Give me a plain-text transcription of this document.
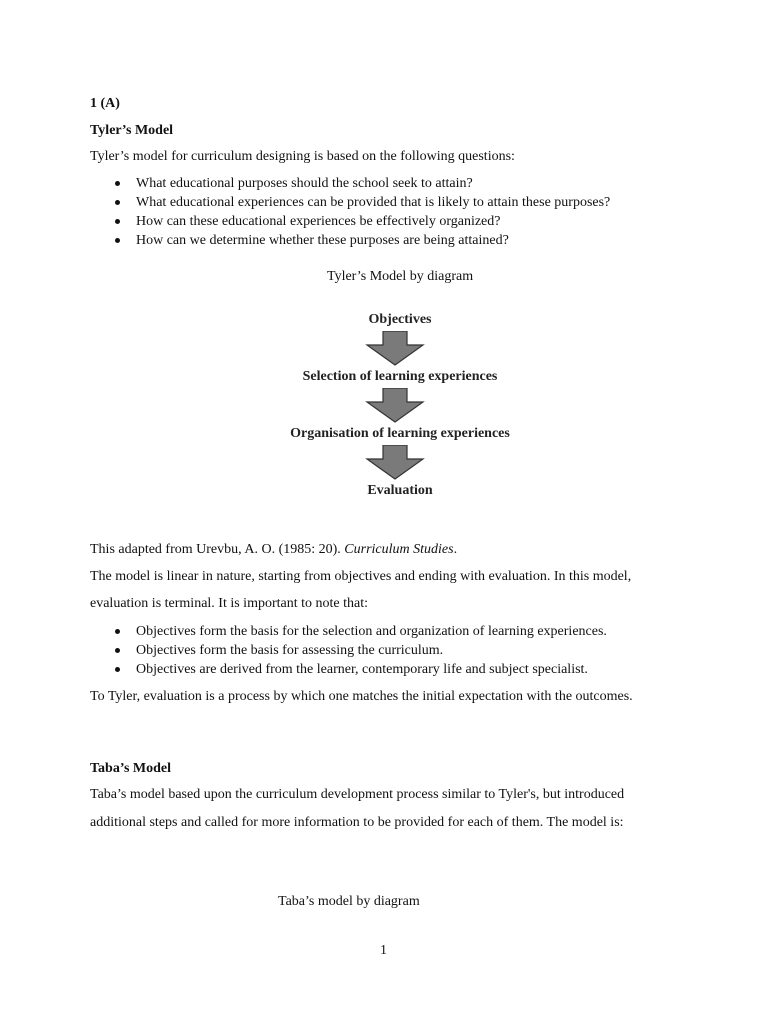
1 (A)
Tyler’s Model
Tyler’s model for curriculum designing is based on the following questions:
What educational purposes should the school seek to attain?
What educational experiences can be provided that is likely to attain these purposes?
How can these educational experiences be effectively organized?
How can we determine whether these purposes are being attained?
Tyler’s Model by diagram
Objectives
Selection of learning experiences
Organisation of learning experiences
Evaluation
This adapted from Urevbu, A. O. (1985: 20). Curriculum Studies.
The model is linear in nature, starting from objectives and ending with evaluation. In this model,
evaluation is terminal. It is important to note that:
Objectives form the basis for the selection and organization of learning experiences.
Objectives form the basis for assessing the curriculum.
Objectives are derived from the learner, contemporary life and subject specialist.
To Tyler, evaluation is a process by which one matches the initial expectation with the outcomes.
Taba’s Model
Taba’s model based upon the curriculum development process similar to Tyler's, but introduced
additional steps and called for more information to be provided for each of them. The model is:
Taba’s model by diagram
1
